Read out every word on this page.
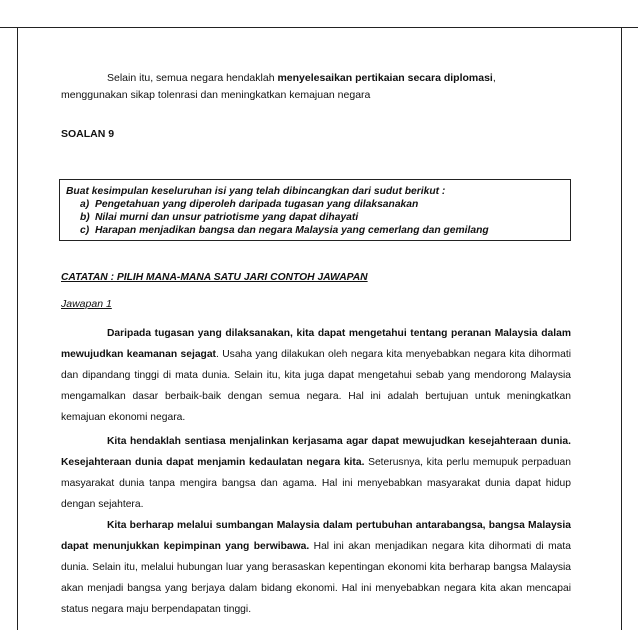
Selain itu, semua negara hendaklah menyelesaikan pertikaian secara diplomasi,
menggunakan sikap tolenrasi dan meningkatkan kemajuan negara
SOALAN 9
Buat kesimpulan keseluruhan isi yang telah dibincangkan dari sudut berikut :
a) Pengetahuan yang diperoleh daripada tugasan yang dilaksanakan
b) Nilai murni dan unsur patriotisme yang dapat dihayati
c) Harapan menjadikan bangsa dan negara Malaysia yang cemerlang dan gemilang
CATATAN : PILIH MANA-MANA SATU JARI CONTOH JAWAPAN
Jawapan 1

Daripada tugasan yang dilaksanakan, kita dapat mengetahui tentang peranan Malaysia dalam mewujudkan keamanan sejagat. Usaha yang dilakukan oleh negara kita menyebabkan negara kita dihormati dan dipandang tinggi di mata dunia. Selain itu, kita juga dapat mengetahui sebab yang mendorong Malaysia mengamalkan dasar berbaik-baik dengan semua negara. Hal ini adalah bertujuan untuk meningkatkan kemajuan ekonomi negara.

Kita hendaklah sentiasa menjalinkan kerjasama agar dapat mewujudkan kesejahteraan dunia. Kesejahteraan dunia dapat menjamin kedaulatan negara kita. Seterusnya, kita perlu memupuk perpaduan masyarakat dunia tanpa mengira bangsa dan agama. Hal ini menyebabkan masyarakat dunia dapat hidup dengan sejahtera.

Kita berharap melalui sumbangan Malaysia dalam pertubuhan antarabangsa, bangsa Malaysia dapat menunjukkan kepimpinan yang berwibawa. Hal ini akan menjadikan negara kita dihormati di mata dunia. Selain itu, melalui hubungan luar yang berasaskan kepentingan ekonomi kita berharap bangsa Malaysia akan menjadi bangsa yang berjaya dalam bidang ekonomi. Hal ini menyebabkan negara kita akan mencapai status negara maju berpendapatan tinggi.
